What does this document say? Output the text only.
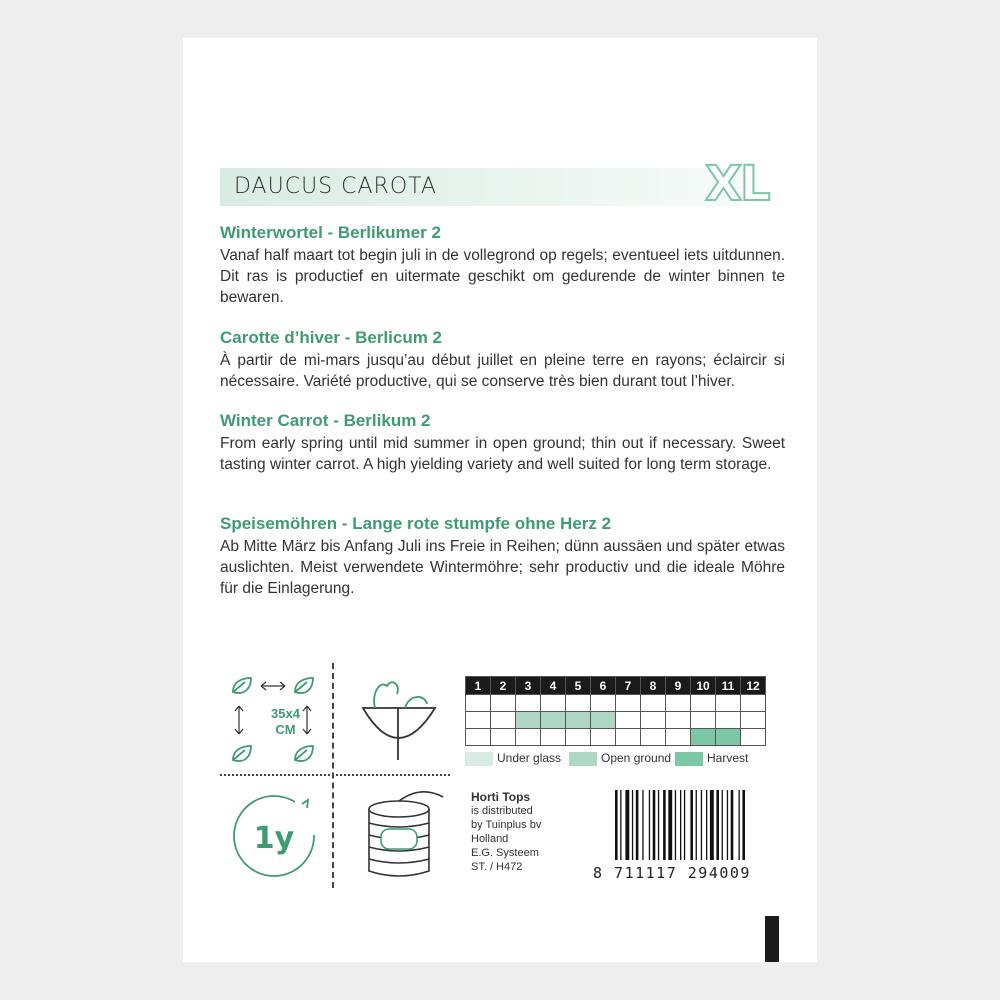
DAUCUS CAROTA	XL
Winterwortel - Berlikumer 2
Vanaf half maart tot begin juli in de vollegrond op regels; eventueel iets uitdunnen. Dit ras is productief en uitermate geschikt om gedurende de winter binnen te bewaren.
Carotte d’hiver - Berlicum 2
À partir de mi-mars jusqu’au début juillet en pleine terre en rayons; éclaircir si nécessaire. Variété productive, qui se conserve très bien durant tout l’hiver.
Winter Carrot - Berlikum 2
From early spring until mid summer in open ground; thin out if necessary. Sweet tasting winter carrot. A high yielding variety and well suited for long term storage.
Speisemöhren - Lange rote stumpfe ohne Herz 2
Ab Mitte März bis Anfang Juli ins Freie in Reihen; dünn aussäen und später etwas auslichten. Meist verwendete Wintermöhre; sehr productiv und die ideale Möhre für die Einlagerung.
35x4
CM
1y
1	2	3	4	5	6	7	8	9	10	11	12

Under glass	Open ground	Harvest
Horti Tops
is distributed
by Tuinplus bv
Holland
E.G. Systeem
ST. / H472	8 711117 294009
